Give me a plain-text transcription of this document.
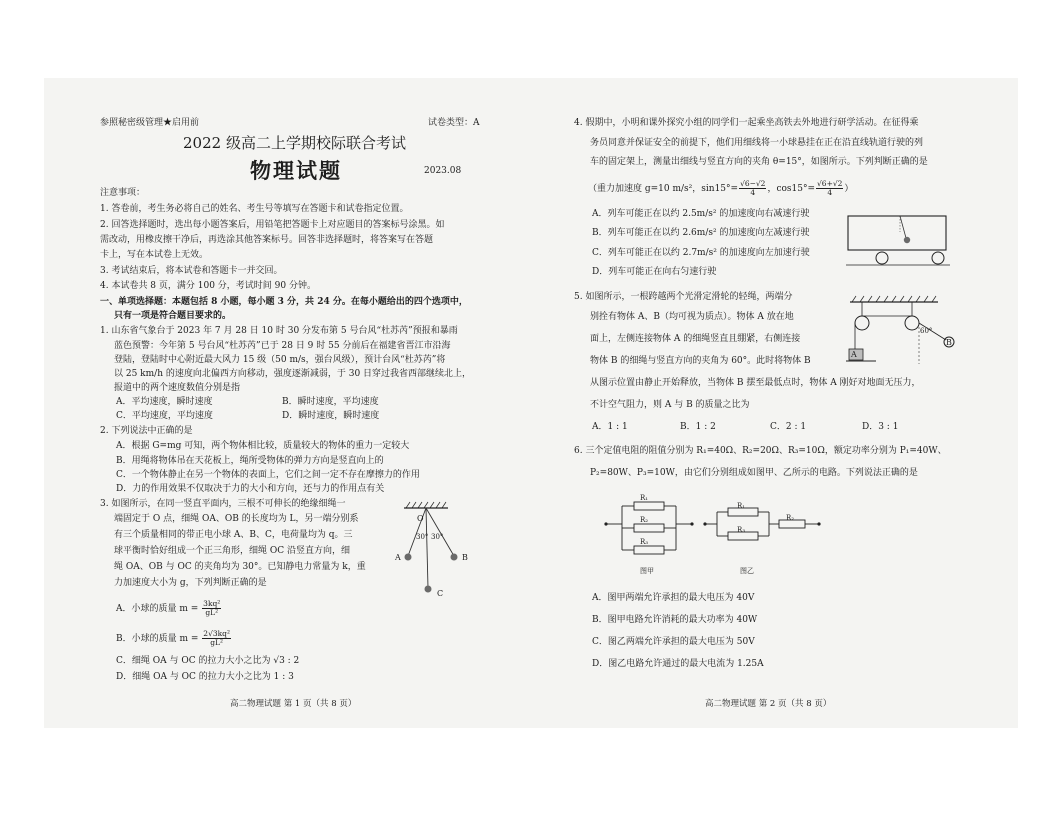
参照秘密级管理★启用前	试卷类型：A
2022 级高二上学期校际联合考试
物理试题	2023.08
注意事项：
1. 答卷前，考生务必将自己的姓名、考生号等填写在答题卡和试卷指定位置。
2. 回答选择题时，选出每小题答案后，用铅笔把答题卡上对应题目的答案标号涂黑。如
需改动，用橡皮擦干净后，再选涂其他答案标号。回答非选择题时，将答案写在答题
卡上，写在本试卷上无效。
3. 考试结束后，将本试卷和答题卡一并交回。
4. 本试卷共 8 页，满分 100 分，考试时间 90 分钟。
一、单项选择题：本题包括 8 小题，每小题 3 分，共 24 分。在每小题给出的四个选项中，
只有一项是符合题目要求的。
1. 山东省气象台于 2023 年 7 月 28 日 10 时 30 分发布第 5 号台风“杜苏芮”预报和暴雨
蓝色预警：今年第 5 号台风“杜苏芮”已于 28 日 9 时 55 分前后在福建省晋江市沿海
登陆，登陆时中心附近最大风力 15 级（50 m/s，强台风级），预计台风“杜苏芮”将
以 25 km/h 的速度向北偏西方向移动，强度逐渐减弱，于 30 日穿过我省西部继续北上，
报道中的两个速度数值分别是指
A．平均速度，瞬时速度	B．瞬时速度，平均速度
C．平均速度，平均速度	D．瞬时速度，瞬时速度
2. 下列说法中正确的是
A．根据 G=mg 可知，两个物体相比较，质量较大的物体的重力一定较大
B．用绳将物体吊在天花板上，绳所受物体的弹力方向是竖直向上的
C．一个物体静止在另一个物体的表面上，它们之间一定不存在摩擦力的作用
D．力的作用效果不仅取决于力的大小和方向，还与力的作用点有关
3. 如图所示，在同一竖直平面内，三根不可伸长的绝缘细绳一
端固定于 O 点，细绳 OA、OB 的长度均为 L，另一端分别系
有三个质量相同的带正电小球 A、B、C，电荷量均为 q。三
球平衡时恰好组成一个正三角形，细绳 OC 沿竖直方向，细
绳 OA、OB 与 OC 的夹角均为 30°。已知静电力常量为 k，重
力加速度大小为 g，下列判断正确的是
A．小球的质量 $m = \frac{\text{3kq²}}{\text{gL²}}$
B．小球的质量 $m = \frac{\text{2√3kq²}}{\text{gL²}}$
C．细绳 OA 与 OC 的拉力大小之比为 √3 : 2
D．细绳 OA 与 OC 的拉力大小之比为 1 : 3
O
30° 30°
A	B
C
高二物理试题 第 1 页（共 8 页）
4. 假期中，小明和课外探究小组的同学们一起乘坐高铁去外地进行研学活动。在征得乘
务员同意并保证安全的前提下，他们用细线将一小球悬挂在正在沿直线轨道行驶的列
车的固定架上，测量出细线与竖直方向的夹角 θ=15°，如图所示。下列判断正确的是
（重力加速度 g=10 m/s²，$\sin 15^\circ= \frac{√6-√2}{4}$ ，$\cos 15^\circ= \frac{√6+√2}{4}$ ）
A．列车可能正在以约 2.5m/s² 的加速度向右减速行驶
B．列车可能正在以约 2.6m/s² 的加速度向左减速行驶
C．列车可能正在以约 2.7m/s² 的加速度向左加速行驶
D．列车可能正在向右匀速行驶
5. 如图所示，一根跨越两个光滑定滑轮的轻绳，两端分
别拴有物体 A、B（均可视为质点）。物体 A 放在地
面上，左侧连接物体 A 的细绳竖直且绷紧，右侧连接
物体 B 的细绳与竖直方向的夹角为 60°。此时将物体 B
从图示位置由静止开始释放，当物体 B 摆至最低点时，物体 A 刚好对地面无压力，
不计空气阻力，则 A 与 B 的质量之比为
A．1 : 1	B．1 : 2	C．2 : 1	D．3 : 1
A
B
60°
6. 三个定值电阻的阻值分别为 R₁=40Ω、R₂=20Ω、R₃=10Ω，额定功率分别为 P₁=40W、
P₂=80W、P₃=10W，由它们分别组成如图甲、乙所示的电路。下列说法正确的是
R₁
R₂
R₃
图甲
R₁
R₃
R₂
图乙
A．图甲两端允许承担的最大电压为 40V
B．图甲电路允许消耗的最大功率为 40W
C．图乙两端允许承担的最大电压为 50V
D．图乙电路允许通过的最大电流为 1.25A
高二物理试题 第 2 页（共 8 页）
